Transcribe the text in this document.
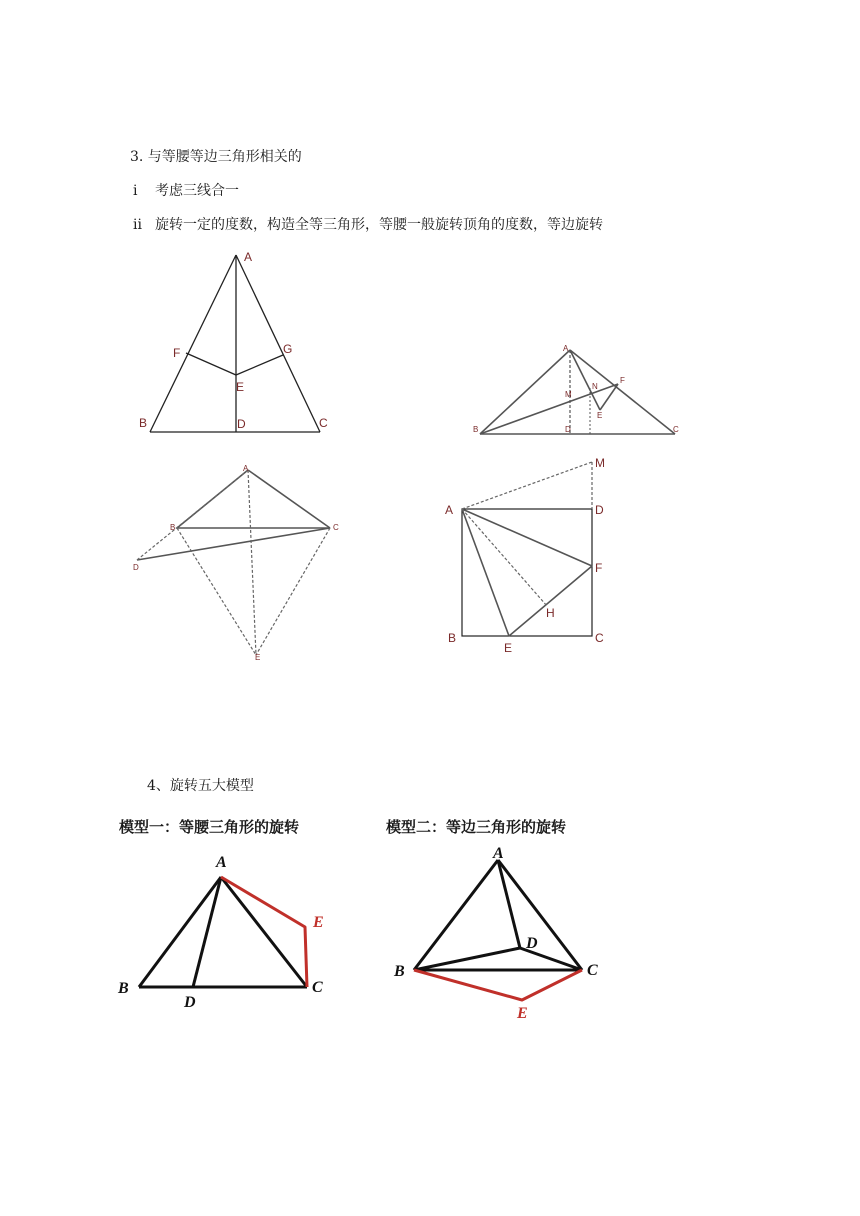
3. 与等腰等边三角形相关的
i 考虑三线合一
ii 旋转一定的度数，构造全等三角形，等腰一般旋转顶角的度数，等边旋转
A
F	G
E
B	D	C
A
M
N
F
E
B	D	C
A
B	C
D
E
A
M
D
F
H
B	C
E
4、旋转五大模型
模型一：等腰三角形的旋转	模型二：等边三角形的旋转
A
B
D
C
E
A
D
B	C
E
